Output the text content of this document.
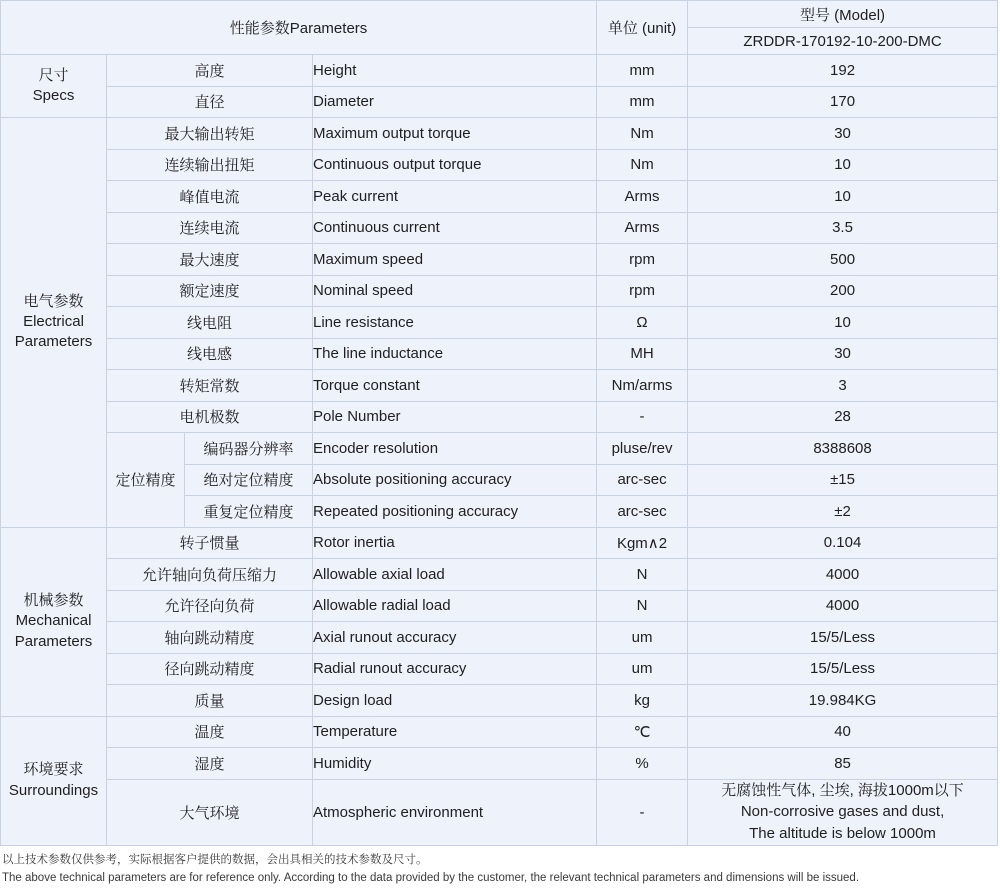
性能参数Parameters				单位 (unit)	型号 (Model)
					ZRDDR-170192-10-200-DMC

尺寸
Specs	高度		Height	mm	192
	直径		Diameter	mm	170

电气参数
Electrical
Parameters	最大输出转矩		Maximum output torque	Nm	30
	连续输出扭矩		Continuous output torque	Nm	10
	峰值电流		Peak current	Arms	10
	连续电流		Continuous current	Arms	3.5
	最大速度		Maximum speed	rpm	500
	额定速度		Nominal speed	rpm	200
	线电阻		Line resistance	Ω	10
	线电感		The line inductance	MH	30
	转矩常数		Torque constant	Nm/arms	3
	电机极数		Pole Number	-	28
	定位精度	编码器分辨率	Encoder resolution	pluse/rev	8388608
		绝对定位精度	Absolute positioning accuracy	arc-sec	±15
		重复定位精度	Repeated positioning accuracy	arc-sec	±2

机械参数
Mechanical
Parameters	转子惯量		Rotor inertia	Kgm∧2	0.104
	允许轴向负荷压缩力		Allowable axial load	N	4000
	允许径向负荷		Allowable radial load	N	4000
	轴向跳动精度		Axial runout accuracy	um	15/5/Less
	径向跳动精度		Radial runout accuracy	um	15/5/Less
	质量		Design load	kg	19.984KG

环境要求
Surroundings	温度		Temperature	℃	40
	湿度		Humidity	%	85
	大气环境		Atmospheric environment	-	无腐蚀性气体, 尘埃, 海拔1000m以下
Non-corrosive gases and dust,
The altitude is below 1000m
以上技术参数仅供参考，实际根据客户提供的数据，会出具相关的技术参数及尺寸。
The above technical parameters are for reference only. According to the data provided by the customer, the relevant technical parameters and dimensions will be issued.
